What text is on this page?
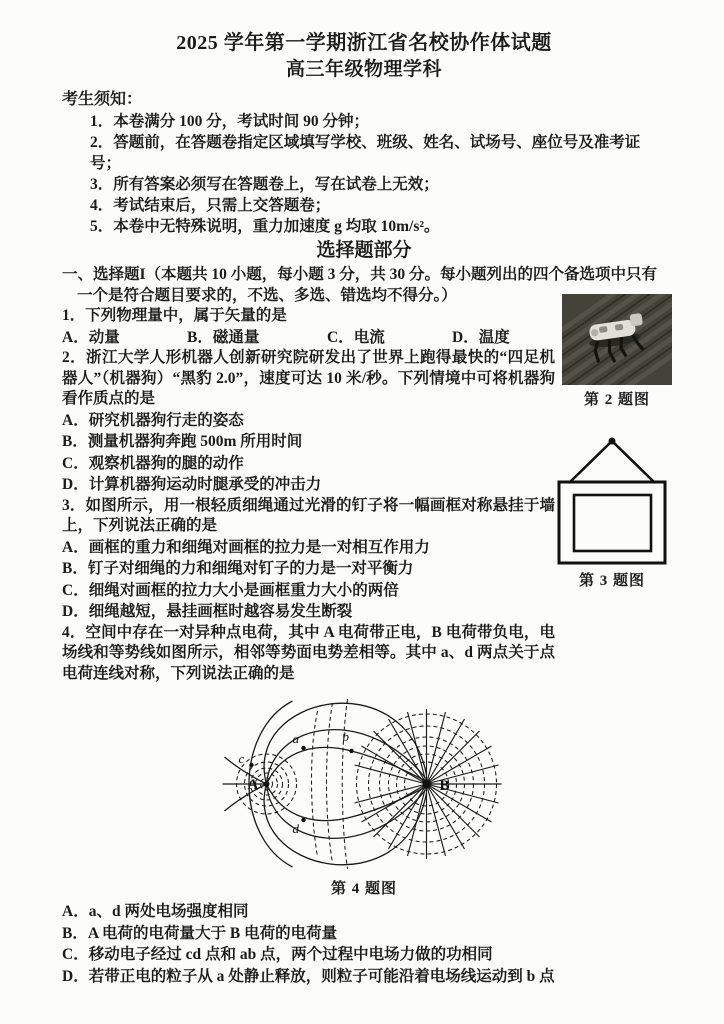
2025 学年第一学期浙江省名校协作体试题
高三年级物理学科
考生须知：
1．本卷满分 100 分，考试时间 90 分钟；
2．答题前，在答题卷指定区域填写学校、班级、姓名、试场号、座位号及准考证号；
3．所有答案必须写在答题卷上，写在试卷上无效；
4．考试结束后，只需上交答题卷；
5．本卷中无特殊说明，重力加速度 g 均取 10m/s²。
选择题部分
一、选择题I（本题共 10 小题，每小题 3 分，共 30 分。每小题列出的四个备选项中只有一个是符合题目要求的，不选、多选、错选均不得分。）

1．下列物理量中，属于矢量的是

A．动量	B．磁通量	C．电流	D．温度

2．浙江大学人形机器人创新研究院研发出了世界上跑得最快的“四足机器人”（机器狗）“黑豹 2.0”，速度可达 10 米/秒。下列情境中可将机器狗看作质点的是

A．研究机器狗行走的姿态
B．测量机器狗奔跑 500m 所用时间
C．观察机器狗的腿的动作
D．计算机器狗运动时腿承受的冲击力

3．如图所示，用一根轻质细绳通过光滑的钉子将一幅画框对称悬挂于墙上，下列说法正确的是

A．画框的重力和细绳对画框的拉力是一对相互作用力
B．钉子对细绳的力和细绳对钉子的力是一对平衡力
C．细绳对画框的拉力大小是画框重力大小的两倍
D．细绳越短，悬挂画框时越容易发生断裂

4．空间中存在一对异种点电荷，其中 A 电荷带正电，B 电荷带负电，电场线和等势线如图所示，相邻等势面电势差相等。其中 a、d 两点关于点电荷连线对称，下列说法正确的是

a	b
c
d
A	B
第 4 题图
A．a、d 两处电场强度相同
B．A 电荷的电荷量大于 B 电荷的电荷量
C．移动电子经过 cd 点和 ab 点，两个过程中电场力做的功相同
D．若带正电的粒子从 a 处静止释放，则粒子可能沿着电场线运动到 b 点
第 2 题图
第 3 题图
